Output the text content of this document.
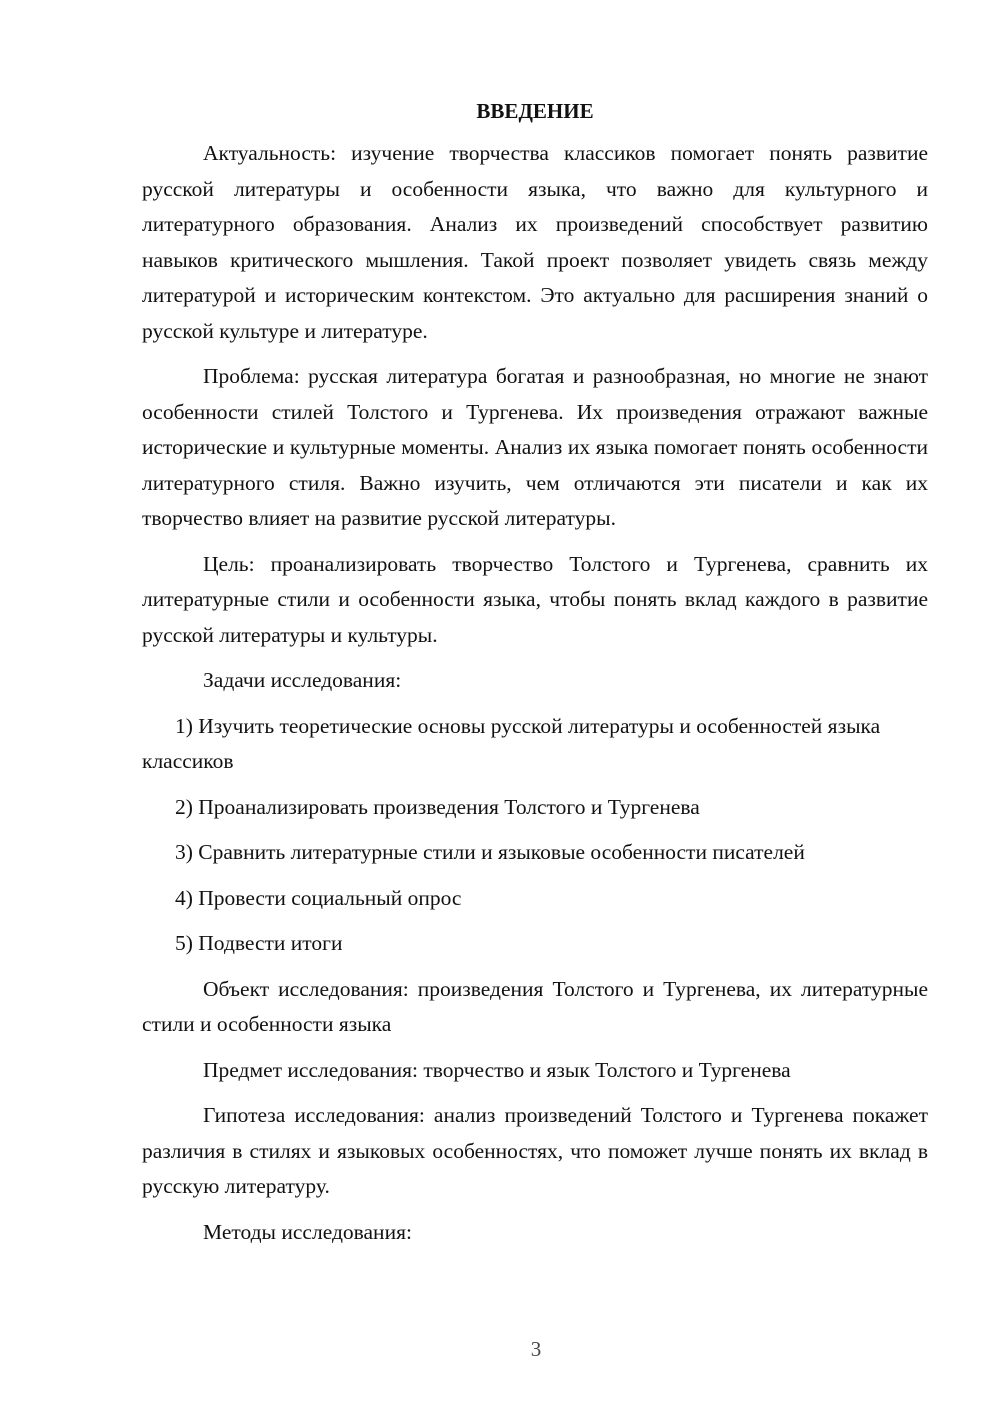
ВВЕДЕНИЕ

Актуальность: изучение творчества классиков помогает понять развитие русской литературы и особенности языка, что важно для культурного и литературного образования. Анализ их произведений способствует развитию навыков критического мышления. Такой проект позволяет увидеть связь между литературой и историческим контекстом. Это актуально для расширения знаний о русской культуре и литературе.

Проблема: русская литература богатая и разнообразная, но многие не знают особенности стилей Толстого и Тургенева. Их произведения отражают важные исторические и культурные моменты. Анализ их языка помогает понять особенности литературного стиля. Важно изучить, чем отличаются эти писатели и как их творчество влияет на развитие русской литературы.

Цель: проанализировать творчество Толстого и Тургенева, сравнить их литературные стили и особенности языка, чтобы понять вклад каждого в развитие русской литературы и культуры.

Задачи исследования:

1) Изучить теоретические основы русской литературы и особенностей языка классиков

2) Проанализировать произведения Толстого и Тургенева

3) Сравнить литературные стили и языковые особенности писателей

4) Провести социальный опрос

5) Подвести итоги

Объект исследования: произведения Толстого и Тургенева, их литературные стили и особенности языка

Предмет исследования: творчество и язык Толстого и Тургенева

Гипотеза исследования: анализ произведений Толстого и Тургенева покажет различия в стилях и языковых особенностях, что поможет лучше понять их вклад в русскую литературу.

Методы исследования:

3
